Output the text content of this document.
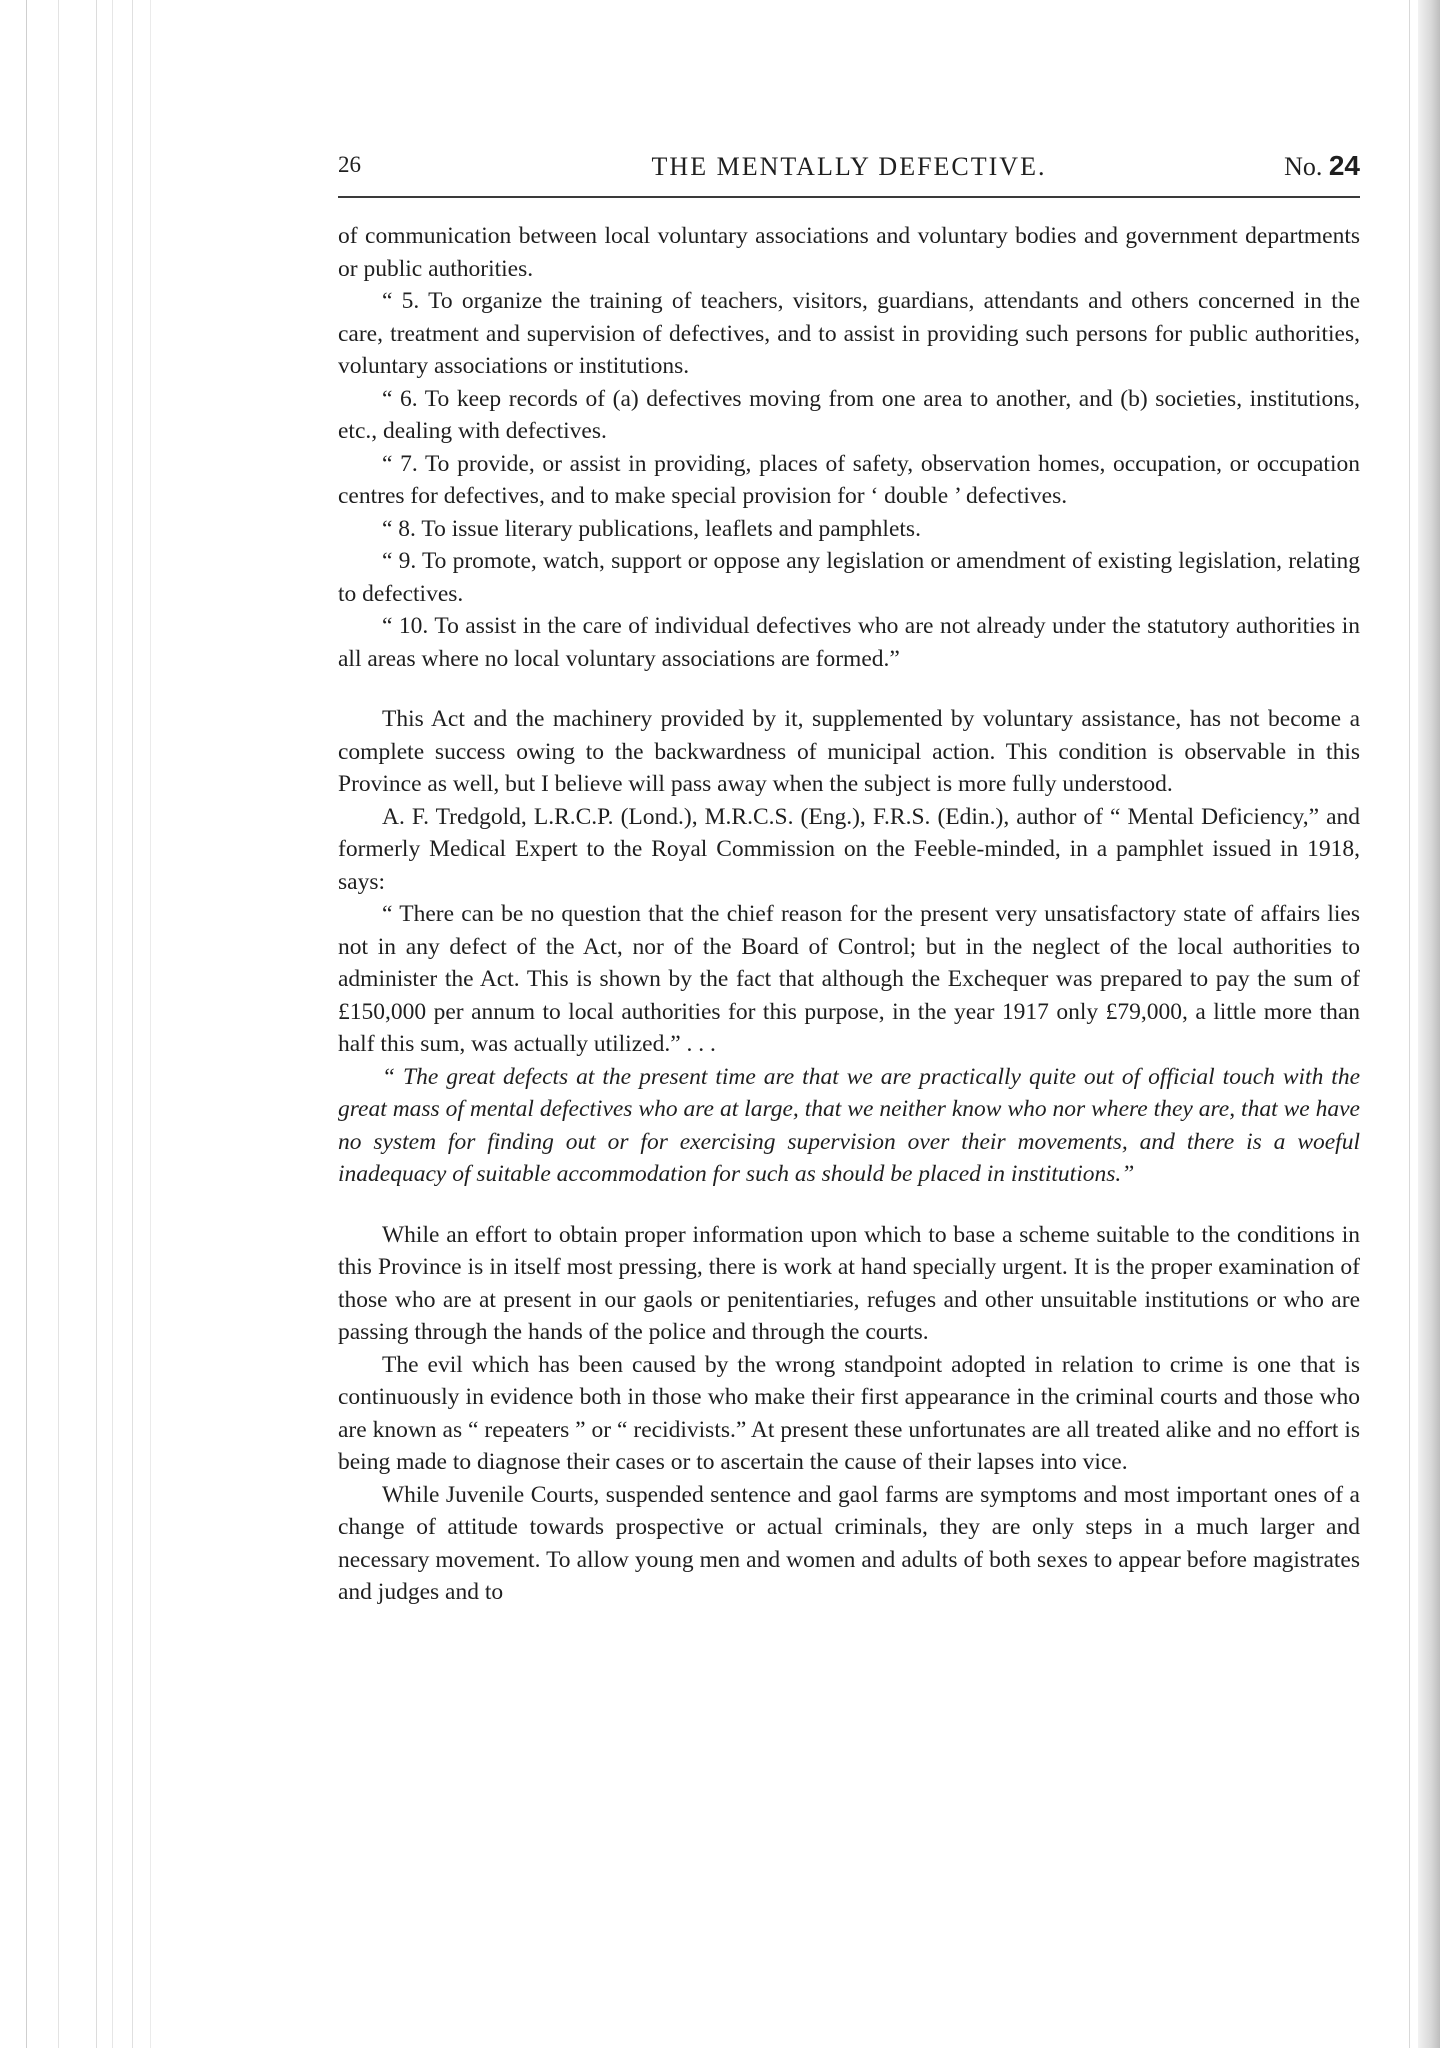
26	THE MENTALLY DEFECTIVE.	No. 24

of communication between local voluntary associations and voluntary bodies and government departments or public authorities.

“ 5. To organize the training of teachers, visitors, guardians, attendants and others concerned in the care, treatment and supervision of defectives, and to assist in providing such persons for public authorities, voluntary associations or institutions.

“ 6. To keep records of (a) defectives moving from one area to another, and (b) societies, institutions, etc., dealing with defectives.

“ 7. To provide, or assist in providing, places of safety, observation homes, occupation, or occupation centres for defectives, and to make special provision for ‘ double ’ defectives.

“ 8. To issue literary publications, leaflets and pamphlets.

“ 9. To promote, watch, support or oppose any legislation or amendment of existing legislation, relating to defectives.

“ 10. To assist in the care of individual defectives who are not already under the statutory authorities in all areas where no local voluntary associations are formed.”

This Act and the machinery provided by it, supplemented by voluntary assistance, has not become a complete success owing to the backwardness of municipal action. This condition is observable in this Province as well, but I believe will pass away when the subject is more fully understood.

A. F. Tredgold, L.R.C.P. (Lond.), M.R.C.S. (Eng.), F.R.S. (Edin.), author of “ Mental Deficiency,” and formerly Medical Expert to the Royal Commission on the Feeble-minded, in a pamphlet issued in 1918, says:

“ There can be no question that the chief reason for the present very unsatisfactory state of affairs lies not in any defect of the Act, nor of the Board of Control; but in the neglect of the local authorities to administer the Act. This is shown by the fact that although the Exchequer was prepared to pay the sum of £150,000 per annum to local authorities for this purpose, in the year 1917 only £79,000, a little more than half this sum, was actually utilized.” . . .

“ The great defects at the present time are that we are practically quite out of official touch with the great mass of mental defectives who are at large, that we neither know who nor where they are, that we have no system for finding out or for exercising supervision over their movements, and there is a woeful inadequacy of suitable accommodation for such as should be placed in institutions.”

While an effort to obtain proper information upon which to base a scheme suitable to the conditions in this Province is in itself most pressing, there is work at hand specially urgent. It is the proper examination of those who are at present in our gaols or penitentiaries, refuges and other unsuitable institutions or who are passing through the hands of the police and through the courts.

The evil which has been caused by the wrong standpoint adopted in relation to crime is one that is continuously in evidence both in those who make their first appearance in the criminal courts and those who are known as “ repeaters ” or “ recidivists.” At present these unfortunates are all treated alike and no effort is being made to diagnose their cases or to ascertain the cause of their lapses into vice.

While Juvenile Courts, suspended sentence and gaol farms are symptoms and most important ones of a change of attitude towards prospective or actual criminals, they are only steps in a much larger and necessary movement. To allow young men and women and adults of both sexes to appear before magistrates and judges and to
